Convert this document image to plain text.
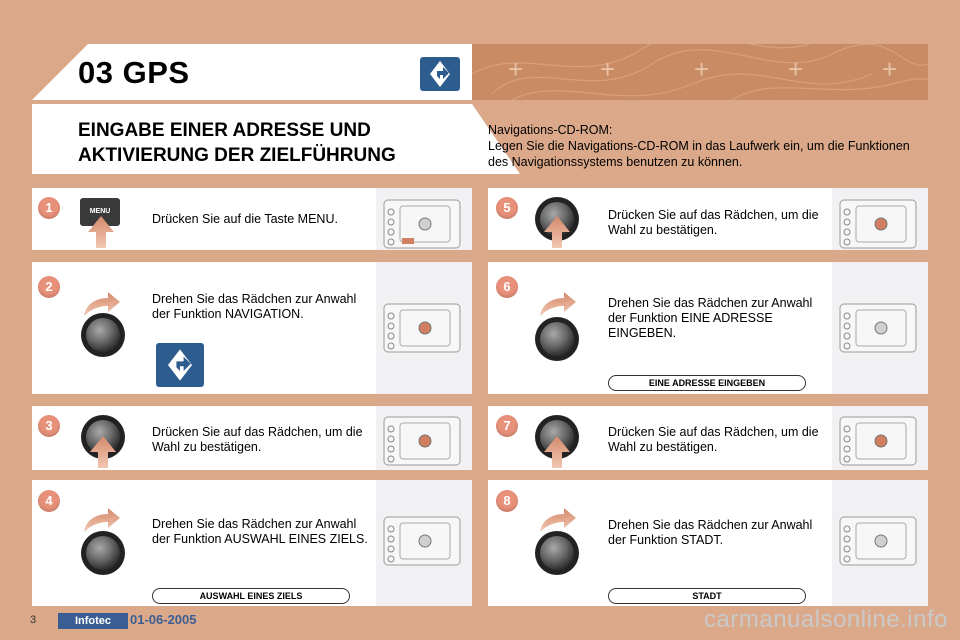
+	+	+	+	+
03 GPS
EINGABE EINER ADRESSE UND
AKTIVIERUNG DER ZIELFÜHRUNG
Navigations-CD-ROM:
Legen Sie die Navigations-CD-ROM in das Laufwerk ein, um die Funktionen des Navigationssystems benutzen zu können.
1	MENU
Drücken Sie auf die Taste MENU.
2
Drehen Sie das Rädchen zur Anwahl der Funktion NAVIGATION.
3	Drücken Sie auf das Rädchen, um die Wahl zu bestätigen.
4
Drehen Sie das Rädchen zur Anwahl der Funktion AUSWAHL EINES ZIELS.
AUSWAHL EINES ZIELS
5	Drücken Sie auf das Rädchen, um die Wahl zu bestätigen.
6
Drehen Sie das Rädchen zur Anwahl der Funktion EINE ADRESSE EINGEBEN.
EINE ADRESSE EINGEBEN
7	Drücken Sie auf das Rädchen, um die Wahl zu bestätigen.
8
Drehen Sie das Rädchen zur Anwahl der Funktion STADT.
STADT
3	Infotec	01-06-2005	carmanualsonline.info
